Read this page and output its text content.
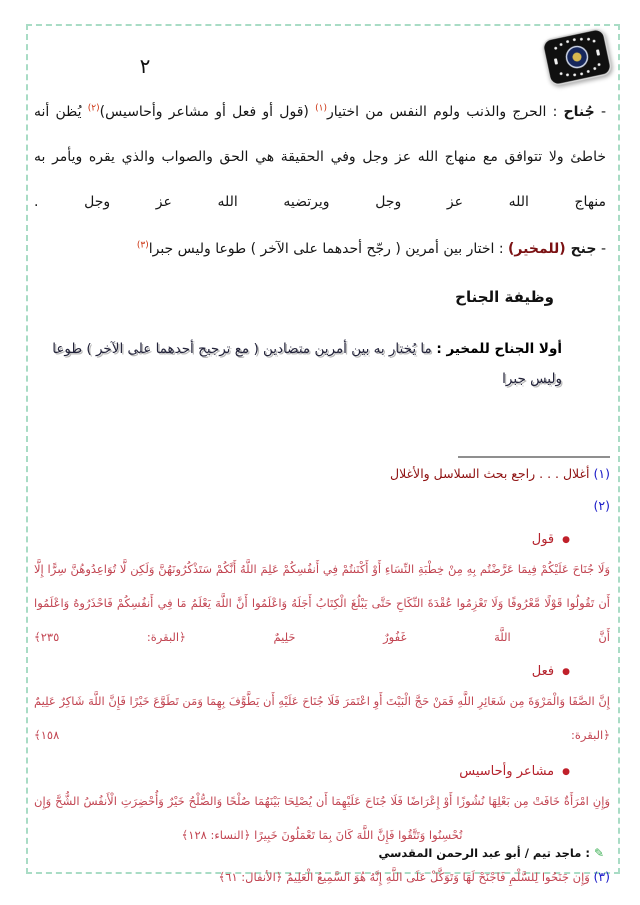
٢

- جُناح : الحرج والذنب ولوم النفس من اختيار$^{(١)}$ (قول أو فعل أو مشاعر وأحاسيس)$^{(٢)}$ يُظن أنه خاطئ ولا تتوافق مع منهاج الله عز وجل وفي الحقيقة هي الحق والصواب والذي يقره ويأمر به منهاج الله عز وجل ويرتضيه الله عز وجل .

- جنح (للمخير) : اختار بين أمرين ( رجّح أحدهما على الآخر ) طوعا وليس جبرا$^{(٣)}$

وظيفة الجناح
أولا الجناح للمخير : ما يُختار به بين أمرين متضادين ( مع ترجيح أحدهما على الآخر ) طوعا وليس جبرا
(١) أغلال . . . راجع بحث السلاسل والأغلال
(٢)
●قول

وَلَا جُنَاحَ عَلَيْكُمْ فِيمَا عَرَّضْتُم بِهِ مِنْ خِطْبَةِ النِّسَاءِ أَوْ أَكْنَنتُمْ فِي أَنفُسِكُمْ عَلِمَ اللَّهُ أَنَّكُمْ سَتَذْكُرُونَهُنَّ وَلَكِن لَّا تُوَاعِدُوهُنَّ سِرًّا إِلَّا أَن تَقُولُوا قَوْلًا مَّعْرُوفًا وَلَا تَعْزِمُوا عُقْدَةَ النِّكَاحِ حَتَّى يَبْلُغَ الْكِتَابُ أَجَلَهُ وَاعْلَمُوا أَنَّ اللَّهَ يَعْلَمُ مَا فِي أَنفُسِكُمْ فَاحْذَرُوهُ وَاعْلَمُوا أَنَّ اللَّهَ غَفُورٌ حَلِيمٌ ﴿البقرة: ٢٣٥﴾

●فعل

إِنَّ الصَّفَا وَالْمَرْوَةَ مِن شَعَائِرِ اللَّهِ فَمَنْ حَجَّ الْبَيْتَ أَوِ اعْتَمَرَ فَلَا جُنَاحَ عَلَيْهِ أَن يَطَّوَّفَ بِهِمَا وَمَن تَطَوَّعَ خَيْرًا فَإِنَّ اللَّهَ شَاكِرٌ عَلِيمٌ ﴿البقرة: ١٥٨﴾

●مشاعر وأحاسيس

وَإِنِ امْرَأَةٌ خَافَتْ مِن بَعْلِهَا نُشُوزًا أَوْ إِعْرَاضًا فَلَا جُنَاحَ عَلَيْهِمَا أَن يُصْلِحَا بَيْنَهُمَا صُلْحًا وَالصُّلْحُ خَيْرٌ وَأُحْضِرَتِ الْأَنفُسُ الشُّحَّ وَإِن تُحْسِنُوا وَتَتَّقُوا فَإِنَّ اللَّهَ كَانَ بِمَا تَعْمَلُونَ خَبِيرًا ﴿النساء: ١٢٨﴾

(٣) وَإِن جَنَحُوا لِلسَّلْمِ فَاجْنَحْ لَهَا وَتَوَكَّلْ عَلَى اللَّهِ إِنَّهُ هُوَ السَّمِيعُ الْعَلِيمُ ﴿الأنفال: ٦١﴾
✎: ماجد تيم / أبو عبد الرحمن المقدسي
